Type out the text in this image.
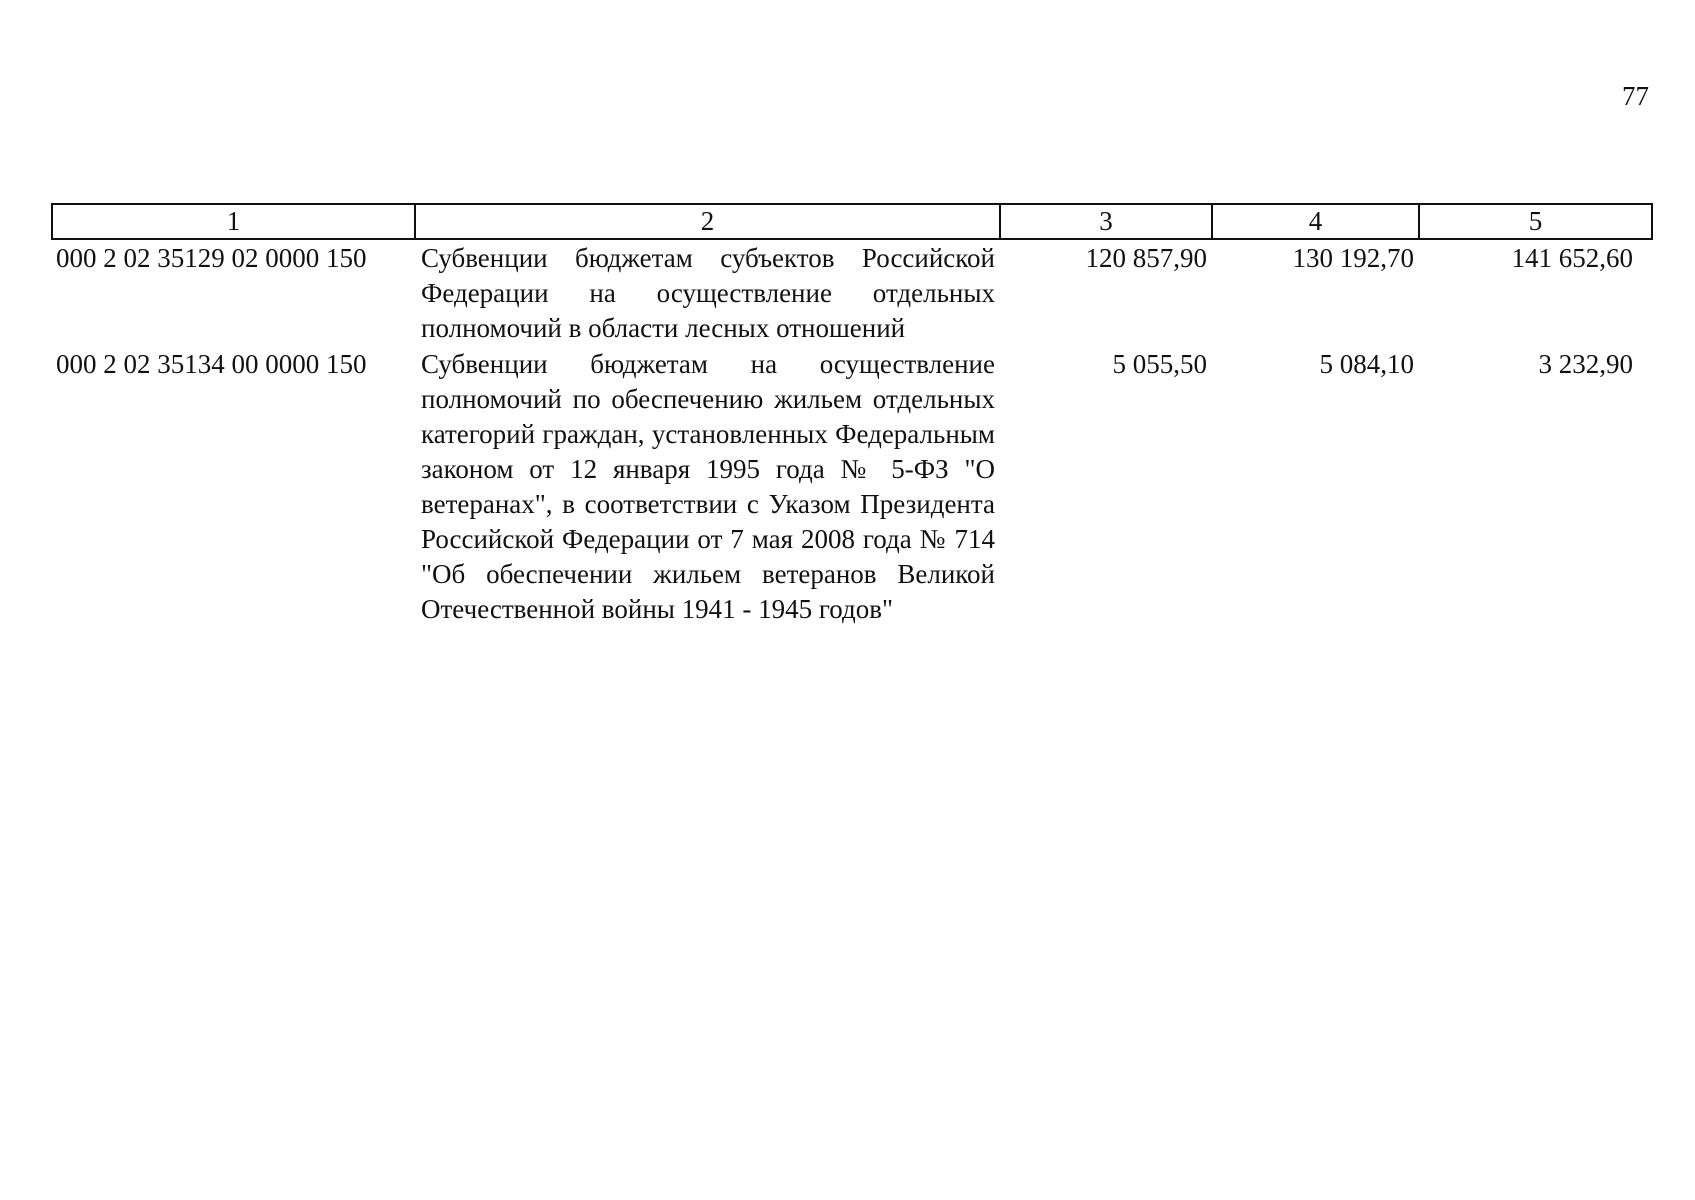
77
1	2	3	4	5
000 2 02 35129 02 0000 150	Субвенции бюджетам субъектов Российской Федерации на осуществление отдельных полномочий в области лесных отношений	120 857,90	130 192,70	141 652,60
000 2 02 35134 00 0000 150	Субвенции бюджетам на осуществление полномочий по обеспечению жильем отдельных категорий граждан, установленных Федеральным законом от 12 января 1995 года № 5-ФЗ "О ветеранах", в соответствии с Указом Президента Российской Федерации от 7 мая 2008 года № 714 "Об обеспечении жильем ветеранов Великой Отечественной войны 1941 - 1945 годов"	5 055,50	5 084,10	3 232,90
